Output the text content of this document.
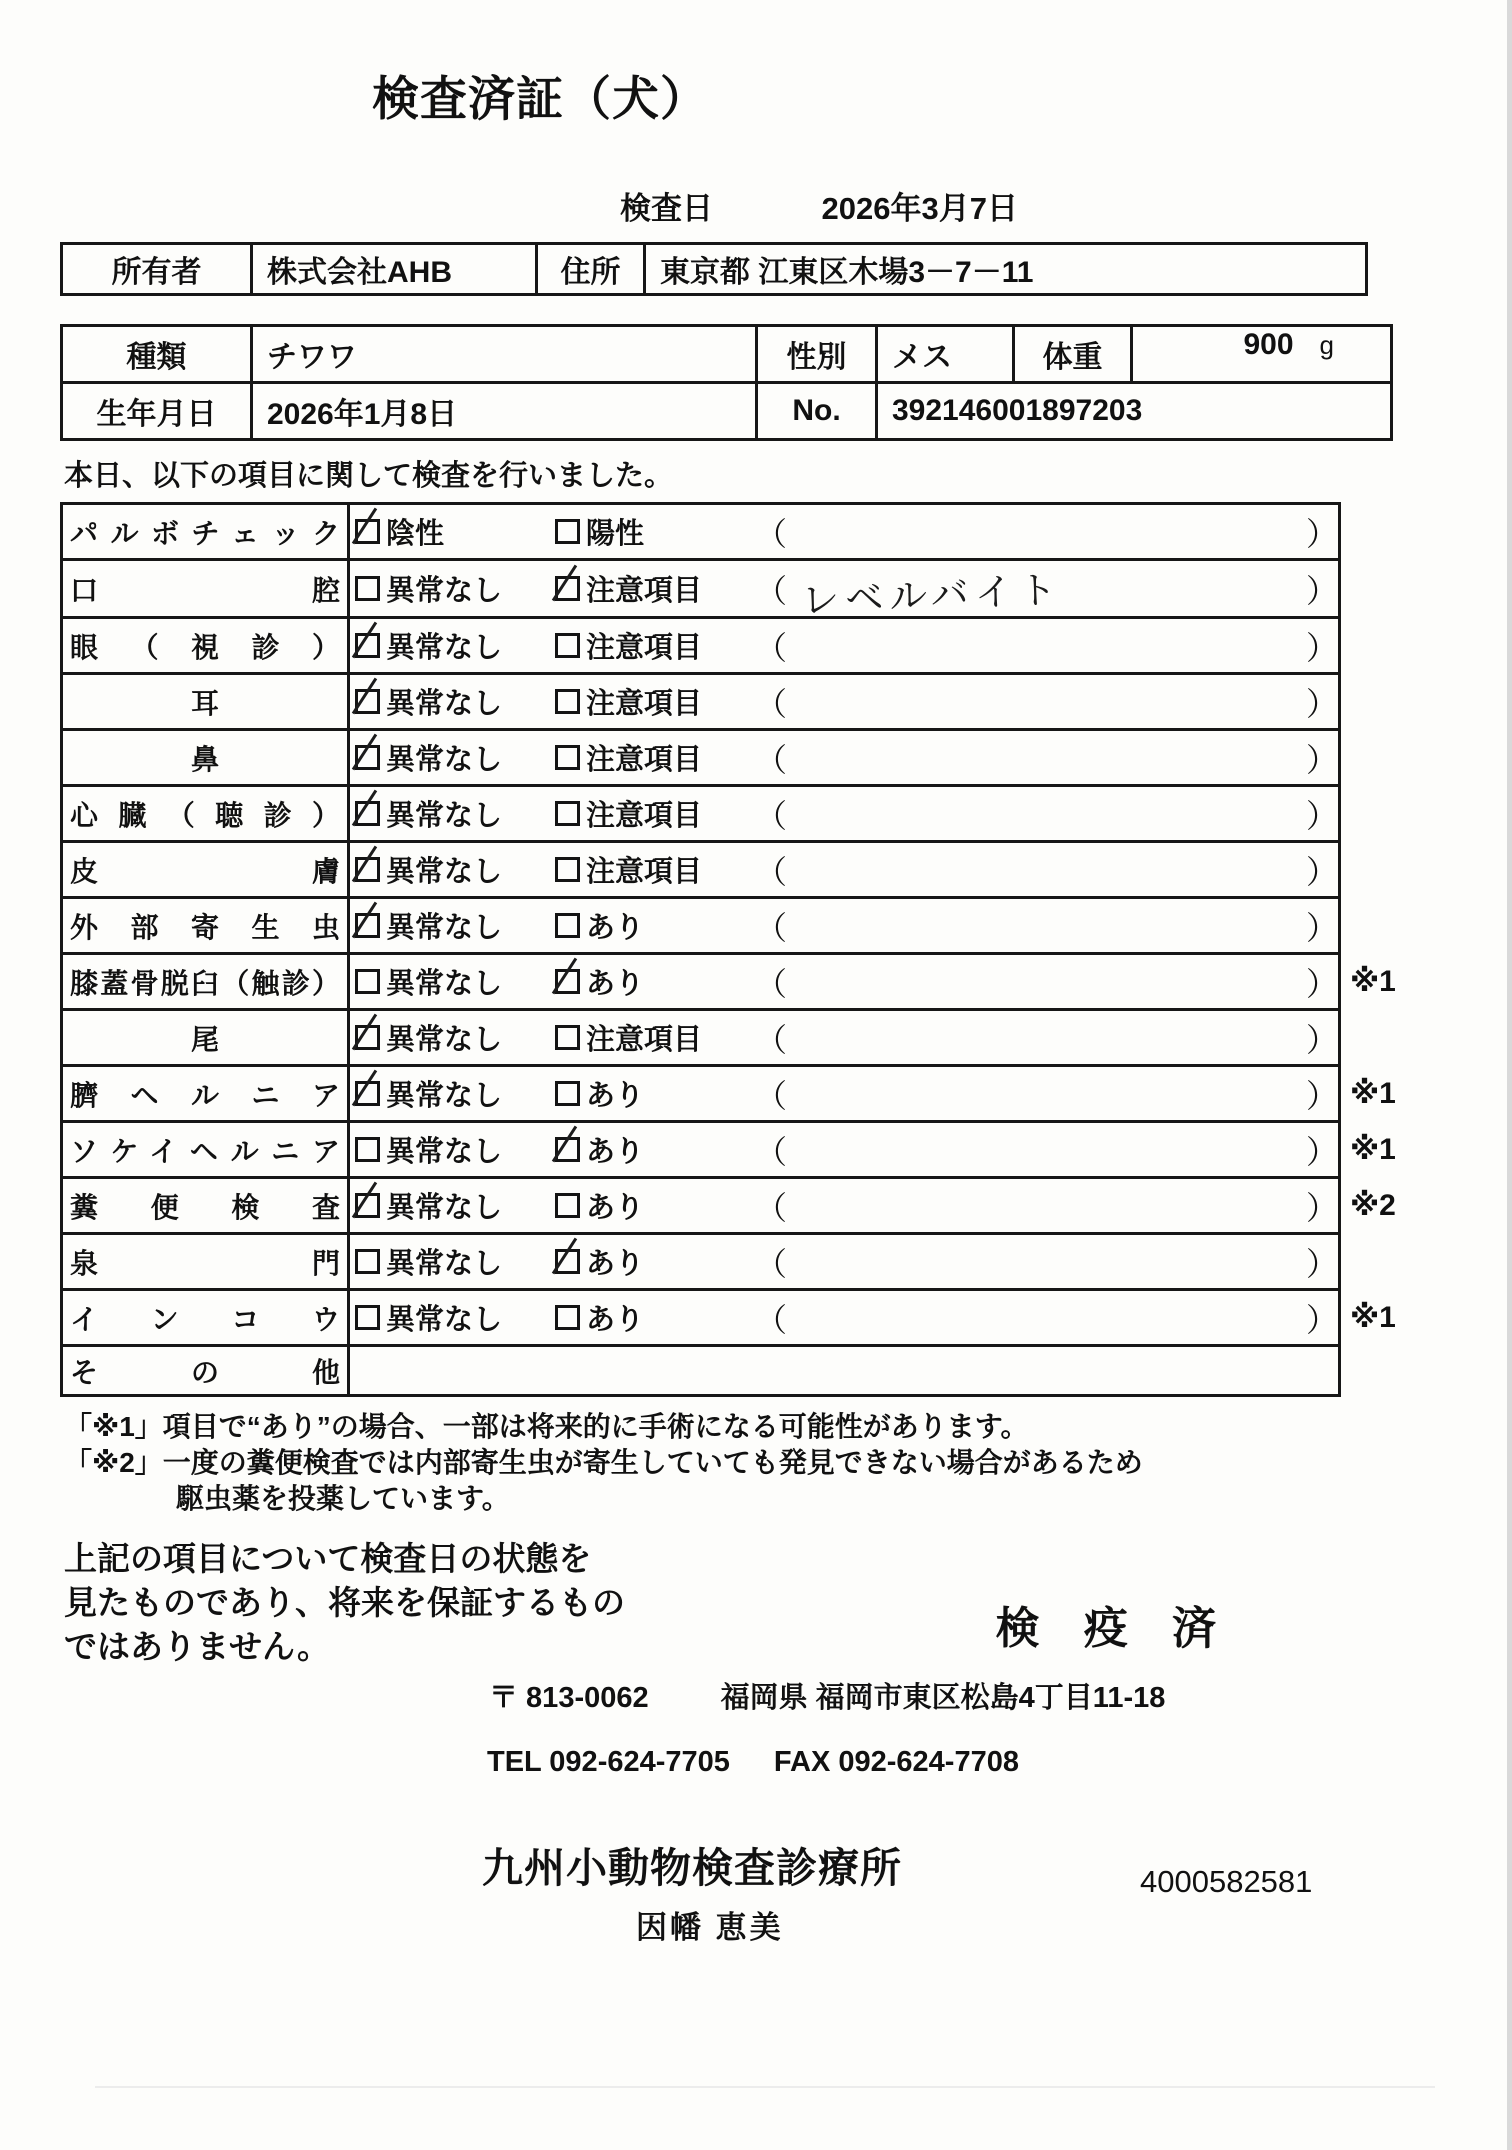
検査済証（犬）
検査日	2026年3月7日
所有者	株式会社AHB	住所	東京都 江東区木場3－7－11
種類	チワワ	性別	メス	体重	900 g

生年月日	2026年1月8日	No.	392146001897203		
本日、以下の項目に関して検査を行いました。
パルボチェック	陰性 陽性 （ ）	

口腔	異常なし 注意項目 （ レベルバイト ）	

眼（視診）	異常なし 注意項目 （ ）	

耳	異常なし 注意項目 （ ）	

鼻	異常なし 注意項目 （ ）	

心臓（聴診）	異常なし 注意項目 （ ）	

皮膚	異常なし 注意項目 （ ）	

外部寄生虫	異常なし あり （ ）	

膝蓋骨脱臼（触診）	異常なし あり （ ）	※1
尾	異常なし 注意項目 （ ）	

臍ヘルニア	異常なし あり （ ）	※1
ソケイヘルニア	異常なし あり （ ）	※1
糞便検査	異常なし あり （ ）	※2
泉門	異常なし あり （ ）	

インコウ	異常なし あり （ ）	※1
その他		
「※1」項目で“あり”の場合、一部は将来的に手術になる可能性があります。
「※2」一度の糞便検査では内部寄生虫が寄生していても発見できない場合があるため
駆虫薬を投薬しています。
上記の項目について検査日の状態を
見たものであり、将来を保証するもの
ではありません。	検 疫 済
〒 813-0062 福岡県 福岡市東区松島4丁目11-18
TEL 092-624-7705 FAX 092-624-7708
九州小動物検査診療所
因幡 恵美
4000582581
